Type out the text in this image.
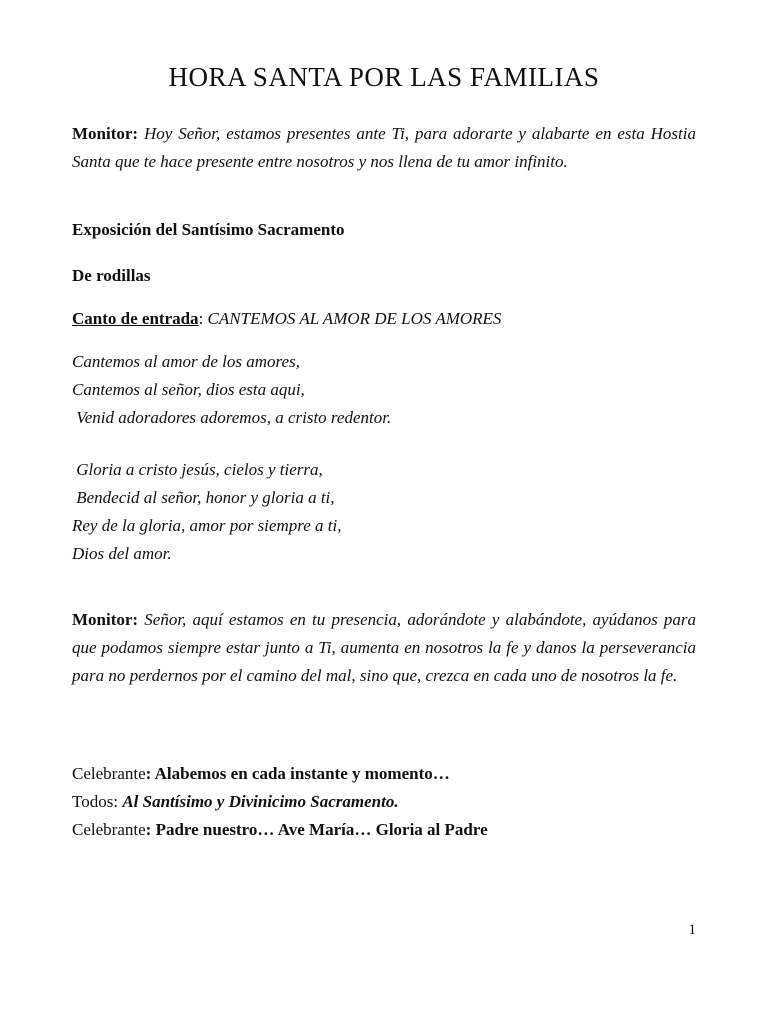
HORA SANTA POR LAS FAMILIAS
Monitor: Hoy Señor, estamos presentes ante Ti, para adorarte y alabarte en esta Hostia Santa que te hace presente entre nosotros y nos llena de tu amor infinito.
Exposición del Santísimo Sacramento
De rodillas
Canto de entrada: CANTEMOS AL AMOR DE LOS AMORES
Cantemos al amor de los amores,
Cantemos al señor, dios esta aqui,
Venid adoradores adoremos, a cristo redentor.
Gloria a cristo jesús, cielos y tierra,
Bendecid al señor, honor y gloria a ti,
Rey de la gloria, amor por siempre a ti,
Dios del amor.
Monitor: Señor, aquí estamos en tu presencia, adorándote y alabándote, ayúdanos para que podamos siempre estar junto a Ti, aumenta en nosotros la fe y danos la perseverancia para no perdernos por el camino del mal, sino que, crezca en cada uno de nosotros la fe.
Celebrante: Alabemos en cada instante y momento…
Todos: Al Santísimo y Divinicimo Sacramento.
Celebrante: Padre nuestro… Ave María… Gloria al Padre
1
